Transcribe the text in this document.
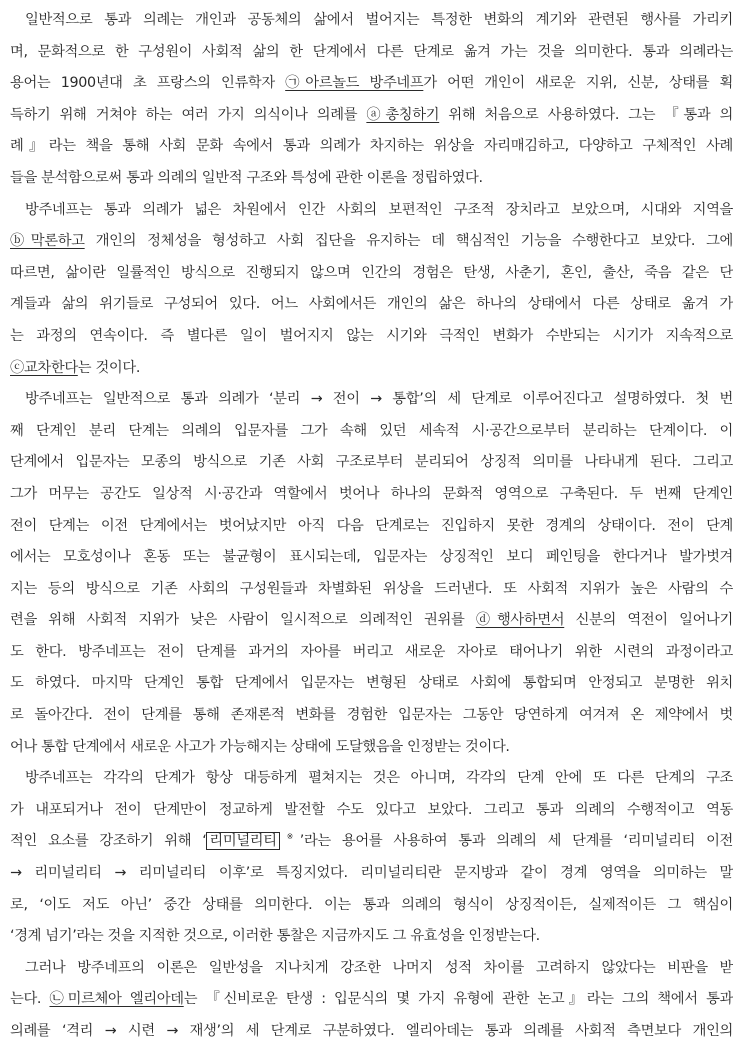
일반적으로 통과 의례는 개인과 공동체의 삶에서 벌어지는 특정한 변화의 계기와 관련된 행사를 가리키
며, 문화적으로 한 구성원이 사회적 삶의 한 단계에서 다른 단계로 옮겨 가는 것을 의미한다. 통과 의례라는
용어는 1900년대 초 프랑스의 인류학자 ㉠아르놀드 방주네프가 어떤 개인이 새로운 지위, 신분, 상태를 획
득하기 위해 거쳐야 하는 여러 가지 의식이나 의례를 ⓐ총칭하기 위해 처음으로 사용하였다. 그는 『통과 의
례』라는 책을 통해 사회 문화 속에서 통과 의례가 차지하는 위상을 자리매김하고, 다양하고 구체적인 사례
들을 분석함으로써 통과 의례의 일반적 구조와 특성에 관한 이론을 정립하였다.
방주네프는 통과 의례가 넓은 차원에서 인간 사회의 보편적인 구조적 장치라고 보았으며, 시대와 지역을
ⓑ막론하고 개인의 정체성을 형성하고 사회 집단을 유지하는 데 핵심적인 기능을 수행한다고 보았다. 그에
따르면, 삶이란 일률적인 방식으로 진행되지 않으며 인간의 경험은 탄생, 사춘기, 혼인, 출산, 죽음 같은 단
계들과 삶의 위기들로 구성되어 있다. 어느 사회에서든 개인의 삶은 하나의 상태에서 다른 상태로 옮겨 가
는 과정의 연속이다. 즉 별다른 일이 벌어지지 않는 시기와 극적인 변화가 수반되는 시기가 지속적으로
ⓒ교차한다는 것이다.
방주네프는 일반적으로 통과 의례가 ‘분리 → 전이 → 통합’의 세 단계로 이루어진다고 설명하였다. 첫 번
째 단계인 분리 단계는 의례의 입문자를 그가 속해 있던 세속적 시·공간으로부터 분리하는 단계이다. 이
단계에서 입문자는 모종의 방식으로 기존 사회 구조로부터 분리되어 상징적 의미를 나타내게 된다. 그리고
그가 머무는 공간도 일상적 시·공간과 역할에서 벗어나 하나의 문화적 영역으로 구축된다. 두 번째 단계인
전이 단계는 이전 단계에서는 벗어났지만 아직 다음 단계로는 진입하지 못한 경계의 상태이다. 전이 단계
에서는 모호성이나 혼동 또는 불균형이 표시되는데, 입문자는 상징적인 보디 페인팅을 한다거나 발가벗겨
지는 등의 방식으로 기존 사회의 구성원들과 차별화된 위상을 드러낸다. 또 사회적 지위가 높은 사람의 수
련을 위해 사회적 지위가 낮은 사람이 일시적으로 의례적인 권위를 ⓓ행사하면서 신분의 역전이 일어나기
도 한다. 방주네프는 전이 단계를 과거의 자아를 버리고 새로운 자아로 태어나기 위한 시련의 과정이라고
도 하였다. 마지막 단계인 통합 단계에서 입문자는 변형된 상태로 사회에 통합되며 안정되고 분명한 위치
로 돌아간다. 전이 단계를 통해 존재론적 변화를 경험한 입문자는 그동안 당연하게 여겨져 온 제약에서 벗
어나 통합 단계에서 새로운 사고가 가능해지는 상태에 도달했음을 인정받는 것이다.
방주네프는 각각의 단계가 항상 대등하게 펼쳐지는 것은 아니며, 각각의 단계 안에 또 다른 단계의 구조
가 내포되거나 전이 단계만이 정교하게 발전할 수도 있다고 보았다. 그리고 통과 의례의 수행적이고 역동
적인 요소를 강조하기 위해 ‘ 리미널리티 ※’라는 용어를 사용하여 통과 의례의 세 단계를 ‘리미널리티 이전
→ 리미널리티 → 리미널리티 이후’로 특징지었다. 리미널리티란 문지방과 같이 경계 영역을 의미하는 말
로, ‘이도 저도 아닌’ 중간 상태를 의미한다. 이는 통과 의례의 형식이 상징적이든, 실제적이든 그 핵심이
‘경계 넘기’라는 것을 지적한 것으로, 이러한 통찰은 지금까지도 그 유효성을 인정받는다.
그러나 방주네프의 이론은 일반성을 지나치게 강조한 나머지 성적 차이를 고려하지 않았다는 비판을 받
는다. ㉡미르체아 엘리아데는 『신비로운 탄생 : 입문식의 몇 가지 유형에 관한 논고』라는 그의 책에서 통과
의례를 ‘격리 → 시련 → 재생’의 세 단계로 구분하였다. 엘리아데는 통과 의례를 사회적 측면보다 개인의
